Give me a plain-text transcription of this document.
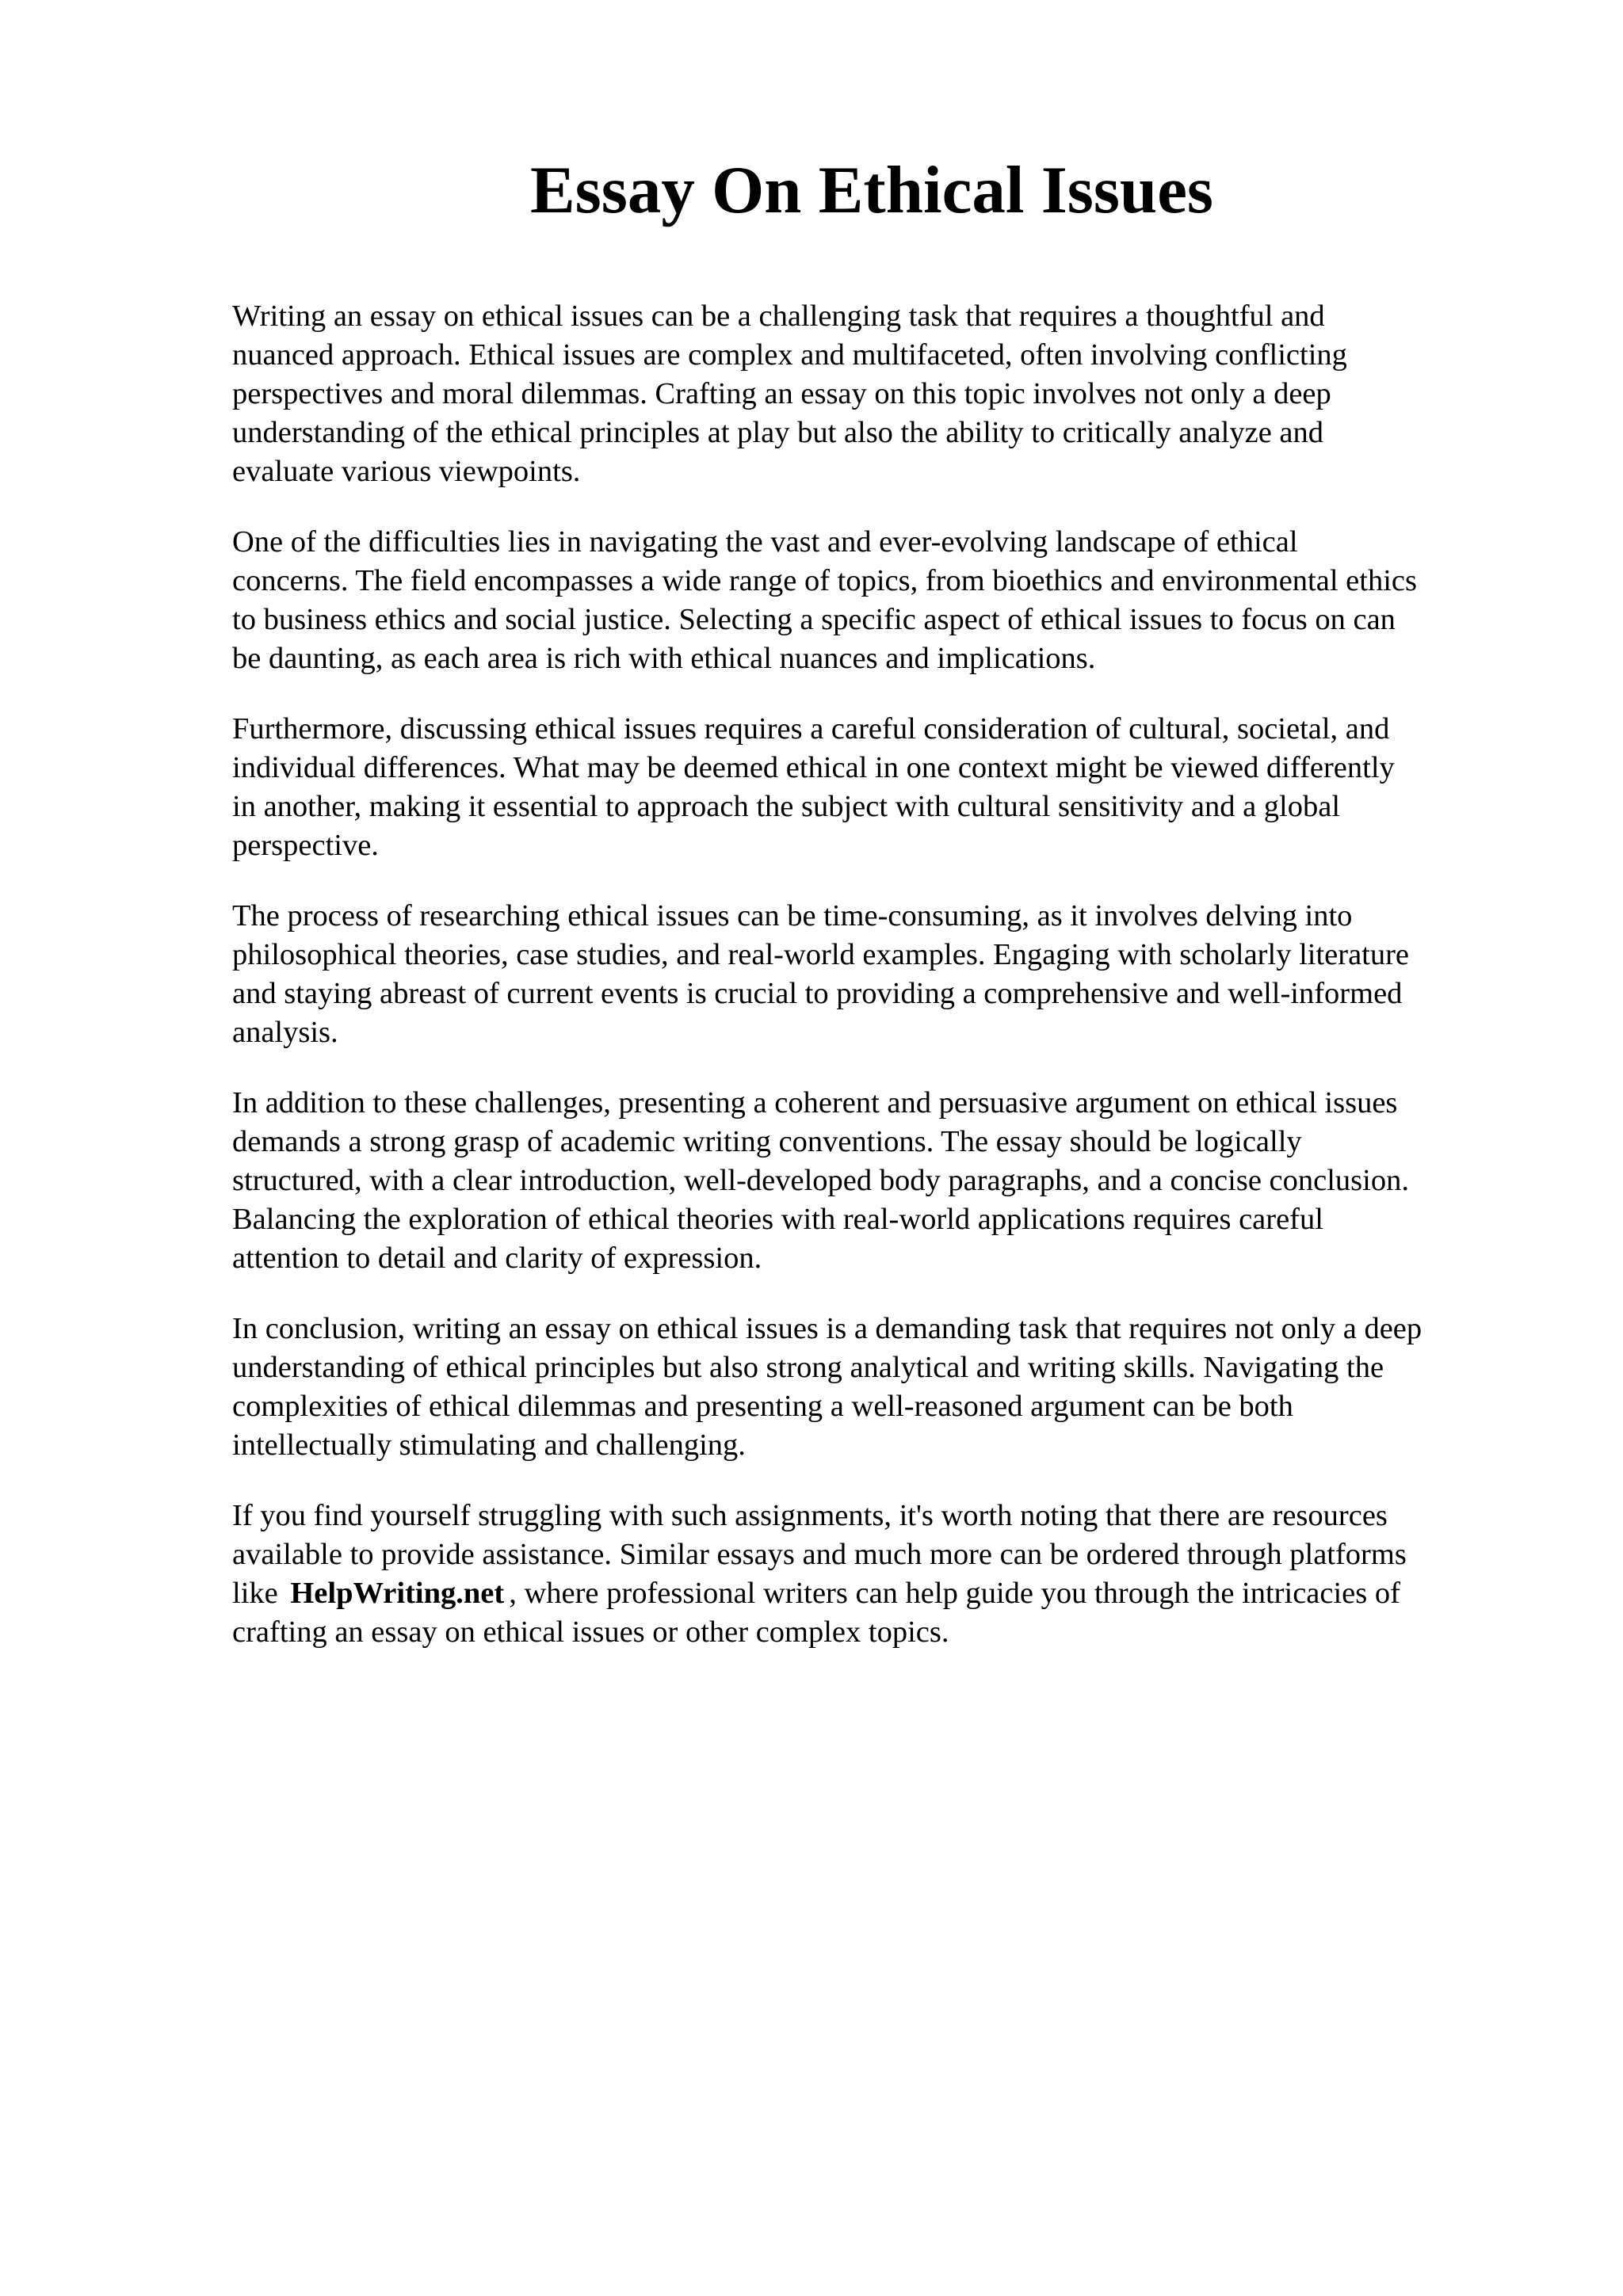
Essay On Ethical Issues

Writing an essay on ethical issues can be a challenging task that requires a thoughtful and
nuanced approach. Ethical issues are complex and multifaceted, often involving conflicting
perspectives and moral dilemmas. Crafting an essay on this topic involves not only a deep
understanding of the ethical principles at play but also the ability to critically analyze and
evaluate various viewpoints.

One of the difficulties lies in navigating the vast and ever-evolving landscape of ethical
concerns. The field encompasses a wide range of topics, from bioethics and environmental ethics
to business ethics and social justice. Selecting a specific aspect of ethical issues to focus on can
be daunting, as each area is rich with ethical nuances and implications.

Furthermore, discussing ethical issues requires a careful consideration of cultural, societal, and
individual differences. What may be deemed ethical in one context might be viewed differently
in another, making it essential to approach the subject with cultural sensitivity and a global
perspective.

The process of researching ethical issues can be time-consuming, as it involves delving into
philosophical theories, case studies, and real-world examples. Engaging with scholarly literature
and staying abreast of current events is crucial to providing a comprehensive and well-informed
analysis.

In addition to these challenges, presenting a coherent and persuasive argument on ethical issues
demands a strong grasp of academic writing conventions. The essay should be logically
structured, with a clear introduction, well-developed body paragraphs, and a concise conclusion.
Balancing the exploration of ethical theories with real-world applications requires careful
attention to detail and clarity of expression.

In conclusion, writing an essay on ethical issues is a demanding task that requires not only a deep
understanding of ethical principles but also strong analytical and writing skills. Navigating the
complexities of ethical dilemmas and presenting a well-reasoned argument can be both
intellectually stimulating and challenging.

If you find yourself struggling with such assignments, it's worth noting that there are resources
available to provide assistance. Similar essays and much more can be ordered through platforms
like HelpWriting.net , where professional writers can help guide you through the intricacies of
crafting an essay on ethical issues or other complex topics.
